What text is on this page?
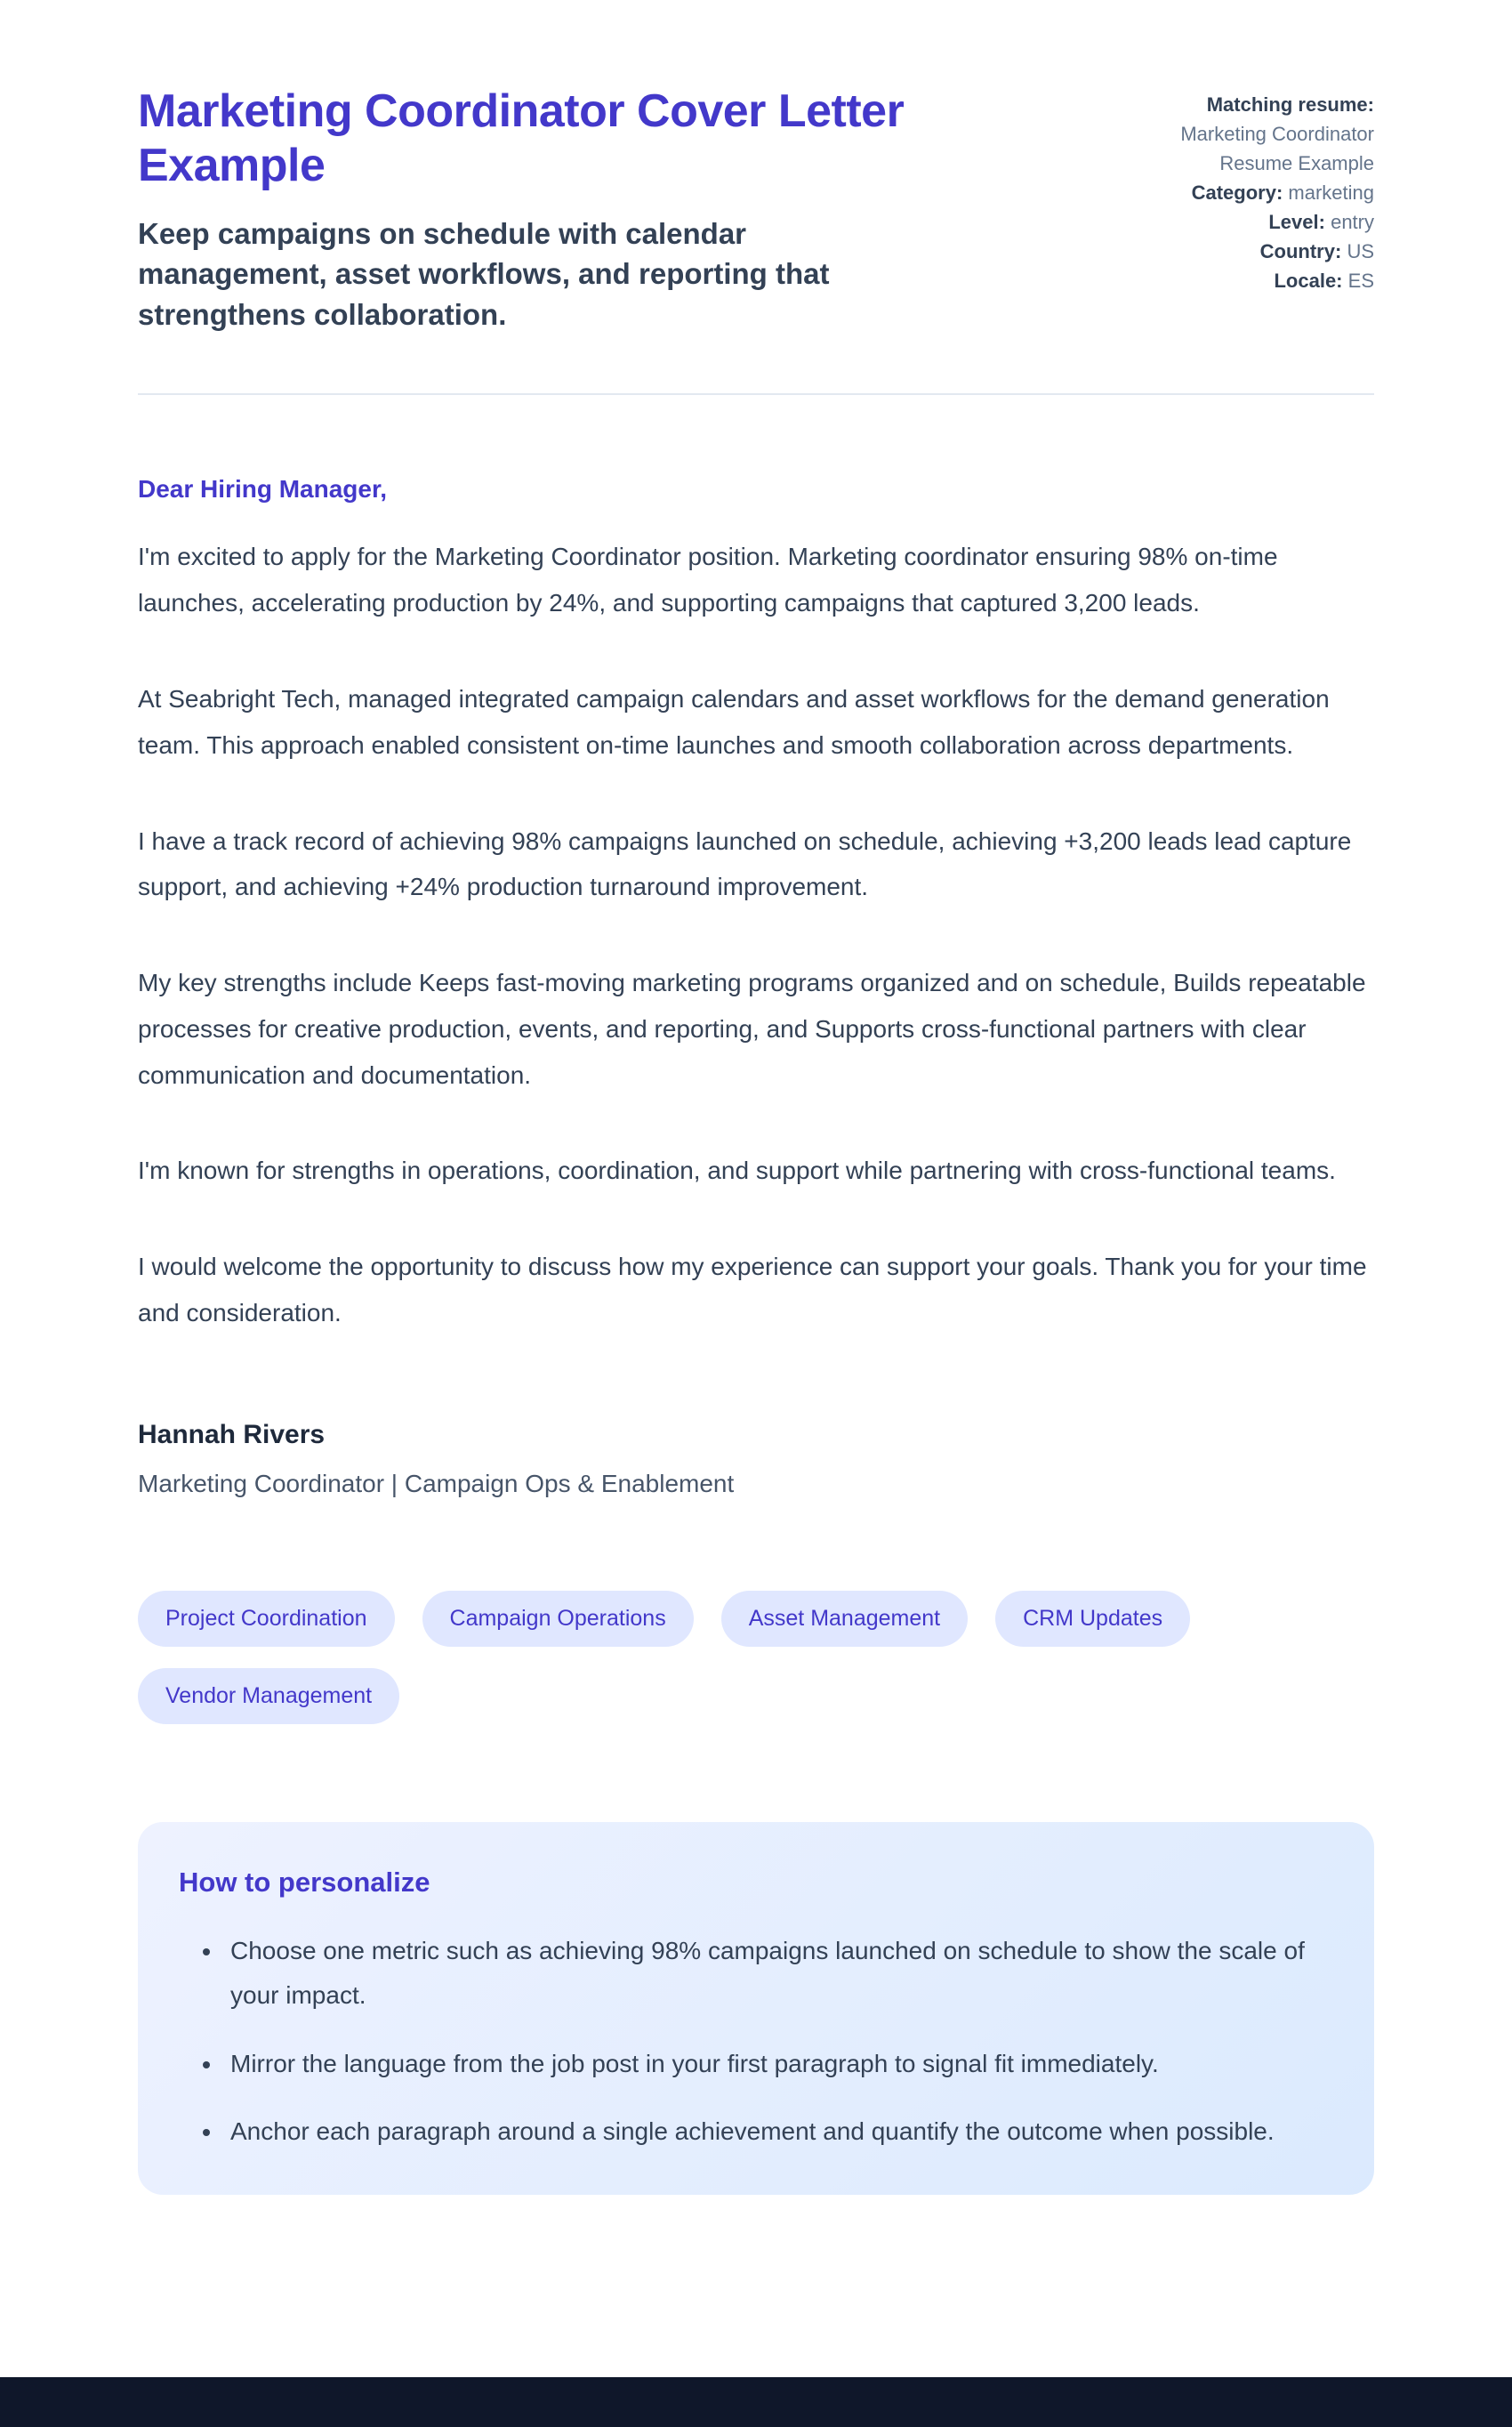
Marketing Coordinator Cover Letter Example

Keep campaigns on schedule with calendar management, asset workflows, and reporting that strengthens collaboration.

Matching resume:
Marketing Coordinator Resume Example
Category: marketing
Level: entry
Country: US
Locale: ES

Dear Hiring Manager,

I'm excited to apply for the Marketing Coordinator position. Marketing coordinator ensuring 98% on-time launches, accelerating production by 24%, and supporting campaigns that captured 3,200 leads.

At Seabright Tech, managed integrated campaign calendars and asset workflows for the demand generation team. This approach enabled consistent on-time launches and smooth collaboration across departments.

I have a track record of achieving 98% campaigns launched on schedule, achieving +3,200 leads lead capture support, and achieving +24% production turnaround improvement.

My key strengths include Keeps fast-moving marketing programs organized and on schedule, Builds repeatable processes for creative production, events, and reporting, and Supports cross-functional partners with clear communication and documentation.

I'm known for strengths in operations, coordination, and support while partnering with cross-functional teams.

I would welcome the opportunity to discuss how my experience can support your goals. Thank you for your time and consideration.

Hannah Rivers

Marketing Coordinator | Campaign Ops & Enablement

Project Coordination	Campaign Operations	Asset Management	CRM Updates
Vendor Management
How to personalize
• Choose one metric such as achieving 98% campaigns launched on schedule to show the scale of your impact.
• Mirror the language from the job post in your first paragraph to signal fit immediately.
• Anchor each paragraph around a single achievement and quantify the outcome when possible.
